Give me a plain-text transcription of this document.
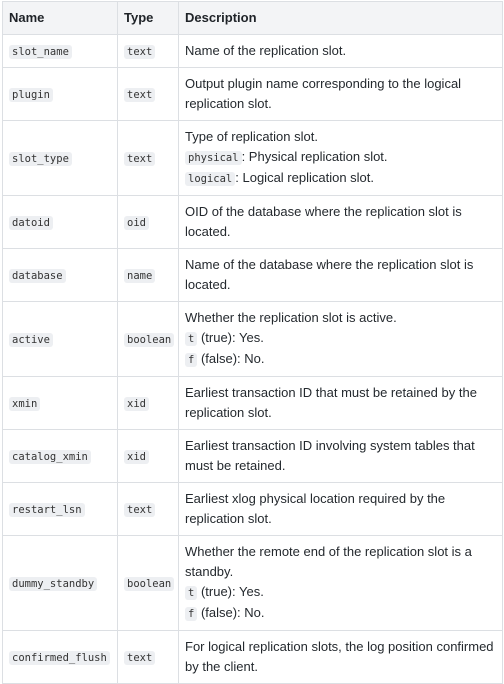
Name	Type	Description
slot_name	text	Name of the replication slot.

plugin	text	Output plugin name corresponding to the logical replication slot.

slot_type	text	Type of replication slot.
physical : Physical replication slot.
logical : Logical replication slot.

datoid	oid	OID of the database where the replication slot is located.

database	name	Name of the database where the replication slot is located.

active	boolean	Whether the replication slot is active.
t (true): Yes.
f (false): No.

xmin	xid	Earliest transaction ID that must be retained by the replication slot.

catalog_xmin	xid	Earliest transaction ID involving system tables that must be retained.

restart_lsn	text	Earliest xlog physical location required by the replication slot.

dummy_standby	boolean	Whether the remote end of the replication slot is a standby.
t (true): Yes.
f (false): No.

confirmed_flush	text	For logical replication slots, the log position confirmed by the client.
